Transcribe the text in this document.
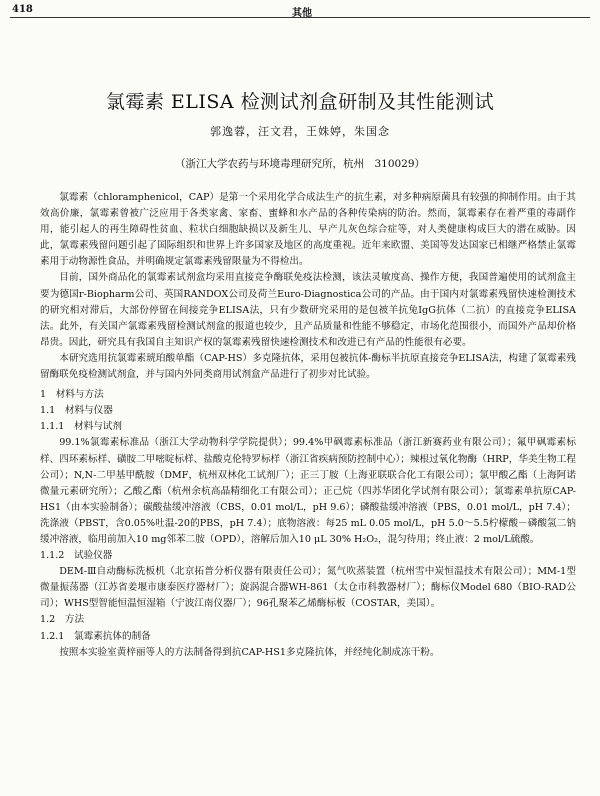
418	其他
氯霉素 ELISA 检测试剂盒研制及其性能测试
郭逸蓉，汪文君，王姝婷，朱国念
（浙江大学农药与环境毒理研究所，杭州　310029）

氯霉素（chloramphenicol，CAP）是第一个采用化学合成法生产的抗生素，对多种病原菌具有较强的抑制作用。由于其效高价廉，氯霉素曾被广泛应用于各类家禽、家畜、蜜蜂和水产品的各种传染病的防治。然而，氯霉素存在着严重的毒副作用，能引起人的再生障碍性贫血、粒状白细胞缺损以及新生儿、早产儿灰色综合症等，对人类健康构成巨大的潜在威胁。因此，氯霉素残留问题引起了国际组织和世界上许多国家及地区的高度重视。近年来欧盟、美国等发达国家已相继严格禁止氯霉素用于动物源性食品，并明确规定氯霉素残留限量为不得检出。

目前，国外商品化的氯霉素试剂盒均采用直接竞争酶联免疫法检测，该法灵敏度高、操作方便，我国普遍使用的试剂盒主要为德国r-Biopharm公司、英国RANDOX公司及荷兰Euro-Diagnostica公司的产品。由于国内对氯霉素残留快速检测技术的研究相对滞后，大部份停留在间接竞争ELISA法，只有少数研究采用的是包被羊抗兔IgG抗体（二抗）的直接竞争ELISA法。此外，有关国产氯霉素残留检测试剂盒的报道也较少，且产品质量和性能不够稳定，市场化范围很小，而国外产品却价格昂贵。因此，研究具有我国自主知识产权的氯霉素残留快速检测技术和改进已有产品的性能很有必要。

本研究选用抗氯霉素琥珀酸单酯（CAP-HS）多克隆抗体，采用包被抗体-酶标半抗原直接竞争ELISA法，构建了氯霉素残留酶联免疫检测试剂盒，并与国内外同类商用试剂盒产品进行了初步对比试验。

1　材料与方法
1.1　材料与仪器
1.1.1　材料与试剂

99.1%氯霉素标准品（浙江大学动物科学学院提供）；99.4%甲砜霉素标准品（浙江新赛药业有限公司）；氟甲砜霉素标样、四环素标样、磺胺二甲嘧啶标样、盐酸克伦特罗标样（浙江省疾病预防控制中心）；辣根过氧化物酶（HRP，华美生物工程公司）；N,N-二甲基甲酰胺（DMF，杭州双林化工试剂厂）；正三丁胺（上海亚联联合化工有限公司）；氯甲酸乙酯（上海阿诺微量元素研究所）；乙酸乙酯（杭州余杭高晶精细化工有限公司）；正己烷（四苏华团化学试剂有限公司）；氯霉素单抗原CAP-HS1（由本实验制备）；碳酸盐缓冲溶液（CBS，0.01 mol/L，pH 9.6）；磷酸盐缓冲溶液（PBS，0.01 mol/L，pH 7.4）；洗涤液（PBST，含0.05%吐温-20的PBS，pH 7.4）；底物溶液：每25 mL 0.05 mol/L，pH 5.0～5.5柠檬酸－磷酸氢二钠缓冲溶液，临用前加入10 mg邻苯二胺（OPD），溶解后加入10 μL 30% H₂O₂，混匀待用；终止液：2 mol/L硫酸。

1.1.2　试验仪器

DEM-Ⅲ自动酶标洗板机（北京拓普分析仪器有限责任公司）；氮气吹蒸装置（杭州雪中炭恒温技术有限公司）；MM-1型微量振荡器（江苏省姜堰市康泰医疗器材厂）；旋涡混合器WH-861（太仓市科教器材厂）；酶标仪Model 680（BIO-RAD公司）；WHS型智能恒温恒湿箱（宁波江南仪器厂）；96孔聚苯乙烯酶标板（COSTAR，美国）。

1.2　方法
1.2.1　氯霉素抗体的制备

按照本实验室黄梓丽等人的方法制备得到抗CAP-HS1多克隆抗体，并经纯化制成冻干粉。
